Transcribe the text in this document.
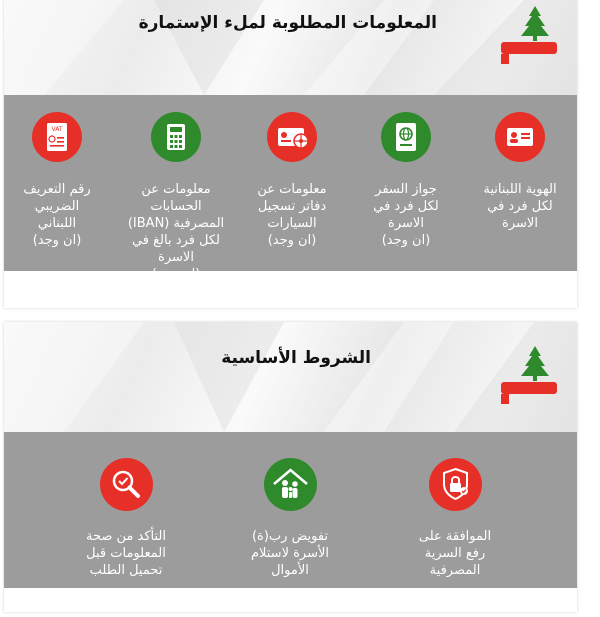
المعلومات المطلوبة لملء الإستمارة
الهوية اللبنانية
لكل فرد في
الاسرة
جواز السفر
لكل فرد في
الاسرة
(ان وجد)
معلومات عن
دفاتر تسجيل
السيارات
(ان وجد)
معلومات عن الحسابات
المصرفية (IBAN)
لكل فرد بالغ في الاسرة
(ان وجد)
VAT
رقم التعريف
الضريبي
اللبناني
(ان وجد)
الشروط الأساسية
الموافقة على
رفع السرية
المصرفية
تفويض رب(ة)
الأسرة لاستلام
الأموال
التأكد من صحة
المعلومات قبل
تحميل الطلب
